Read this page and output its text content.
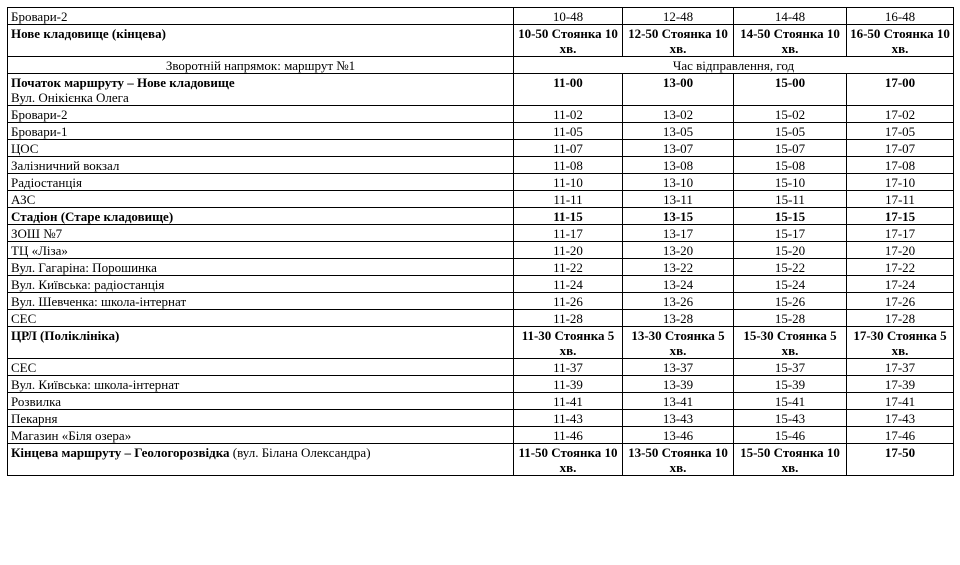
Бровари-2	10-48	12-48	14-48	16-48
Нове кладовище (кінцева)	10-50 Стоянка 10 хв.	12-50 Стоянка 10 хв.	14-50 Стоянка 10 хв.	16-50 Стоянка 10 хв.
Зворотній напрямок: маршрут №1	Час відправлення, год			
Початок маршруту – Нове кладовище
Вул. Онікієнка Олега	11-00	13-00	15-00	17-00
Бровари-2	11-02	13-02	15-02	17-02
Бровари-1	11-05	13-05	15-05	17-05
ЦОС	11-07	13-07	15-07	17-07
Залізничний вокзал	11-08	13-08	15-08	17-08
Радіостанція	11-10	13-10	15-10	17-10
АЗС	11-11	13-11	15-11	17-11
Стадіон (Старе кладовище)	11-15	13-15	15-15	17-15
ЗОШ №7	11-17	13-17	15-17	17-17
ТЦ «Ліза»	11-20	13-20	15-20	17-20
Вул. Гагаріна: Порошинка	11-22	13-22	15-22	17-22
Вул. Київська: радіостанція	11-24	13-24	15-24	17-24
Вул. Шевченка: школа-інтернат	11-26	13-26	15-26	17-26
СЕС	11-28	13-28	15-28	17-28
ЦРЛ (Поліклініка)	11-30 Стоянка 5 хв.	13-30 Стоянка 5 хв.	15-30 Стоянка 5 хв.	17-30 Стоянка 5 хв.
СЕС	11-37	13-37	15-37	17-37
Вул. Київська: школа-інтернат	11-39	13-39	15-39	17-39
Розвилка	11-41	13-41	15-41	17-41
Пекарня	11-43	13-43	15-43	17-43
Магазин «Біля озера»	11-46	13-46	15-46	17-46
Кінцева маршруту – Геологорозвідка (вул. Білана Олександра)	11-50 Стоянка 10 хв.	13-50 Стоянка 10 хв.	15-50 Стоянка 10 хв.	17-50
